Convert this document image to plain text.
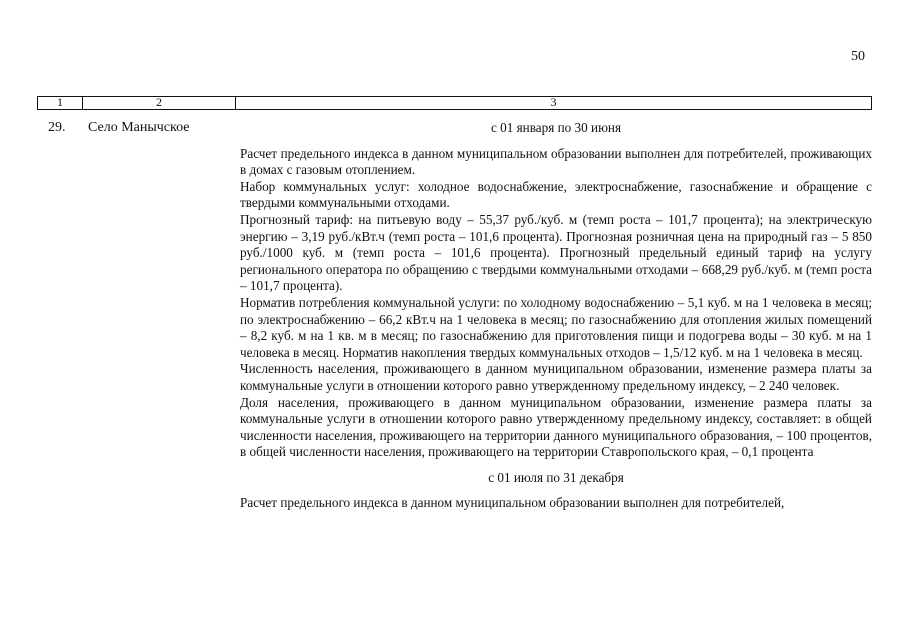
50
1	2	3
29. Село Манычское	с 01 января по 30 июня

Расчет предельного индекса в данном муниципальном образовании выполнен для потребителей, проживающих в домах с газовым отоплением.

Набор коммунальных услуг: холодное водоснабжение, электроснабжение, газоснабжение и обращение с твердыми коммунальными отходами.

Прогнозный тариф: на питьевую воду – 55,37 руб./куб. м (темп роста – 101,7 процента); на электрическую энергию – 3,19 руб./кВт.ч (темп роста – 101,6 процента). Прогнозная розничная цена на природный газ – 5 850 руб./1000 куб. м (темп роста – 101,6 процента). Прогнозный предельный единый тариф на услугу регионального оператора по обращению с твердыми коммунальными отходами – 668,29 руб./куб. м (темп роста – 101,7 процента).

Норматив потребления коммунальной услуги: по холодному водоснабжению – 5,1 куб. м на 1 человека в месяц; по электроснабжению – 66,2 кВт.ч на 1 человека в месяц; по газоснабжению для отопления жилых помещений – 8,2 куб. м на 1 кв. м в месяц; по газоснабжению для приготовления пищи и подогрева воды – 30 куб. м на 1 человека в месяц. Норматив накопления твердых коммунальных отходов – 1,5/12 куб. м на 1 человека в месяц.

Численность населения, проживающего в данном муниципальном образовании, изменение размера платы за коммунальные услуги в отношении которого равно утвержденному предельному индексу, – 2 240 человек.

Доля населения, проживающего в данном муниципальном образовании, изменение размера платы за коммунальные услуги в отношении которого равно утвержденному предельному индексу, составляет: в общей численности населения, проживающего на территории данного муниципального образования, – 100 процентов, в общей численности населения, проживающего на территории Ставропольского края, – 0,1 процента

с 01 июля по 31 декабря

Расчет предельного индекса в данном муниципальном образовании выполнен для потребителей,
